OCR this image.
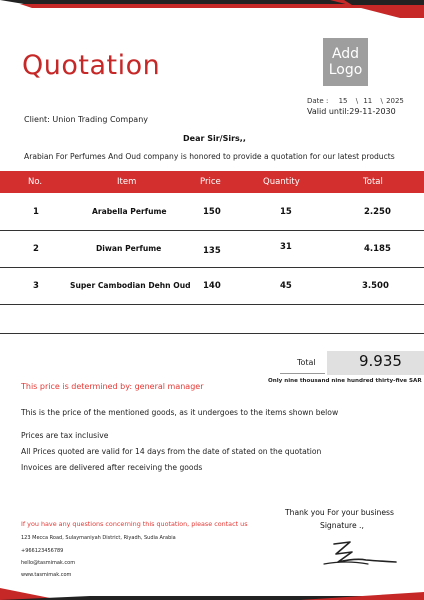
Quotation	Add
Logo
Date : 15 \ 11 \ 2025
Valid until:29-11-2030
Client: Union Trading Company
Dear Sir/Sirs,,
Arabian For Perfumes And Oud company is honored to provide a quotation for our latest products
No.	Item	Price	Quantity	Total
1	Arabella Perfume	150	15	2.250
2	Diwan Perfume	135	31	4.185
3	Super Cambodian Dehn Oud 140	45	3.500
Total	9.935
Only nine thousand nine hundred thirty-five SAR
This price is determined by: general manager
This is the price of the mentioned goods, as it undergoes to the items shown below
Prices are tax inclusive
All Prices quoted are valid for 14 days from the date of stated on the quotation
Invoices are delivered after receiving the goods
If you have any questions concerning this quotation, please contact us
123 Mecca Road, Sulaymaniyah District, Riyadh, Sudia Arabia
+966123456789
hello@tasmimak.com
www.tasmimak.com
Thank you For your business
Signature .,
